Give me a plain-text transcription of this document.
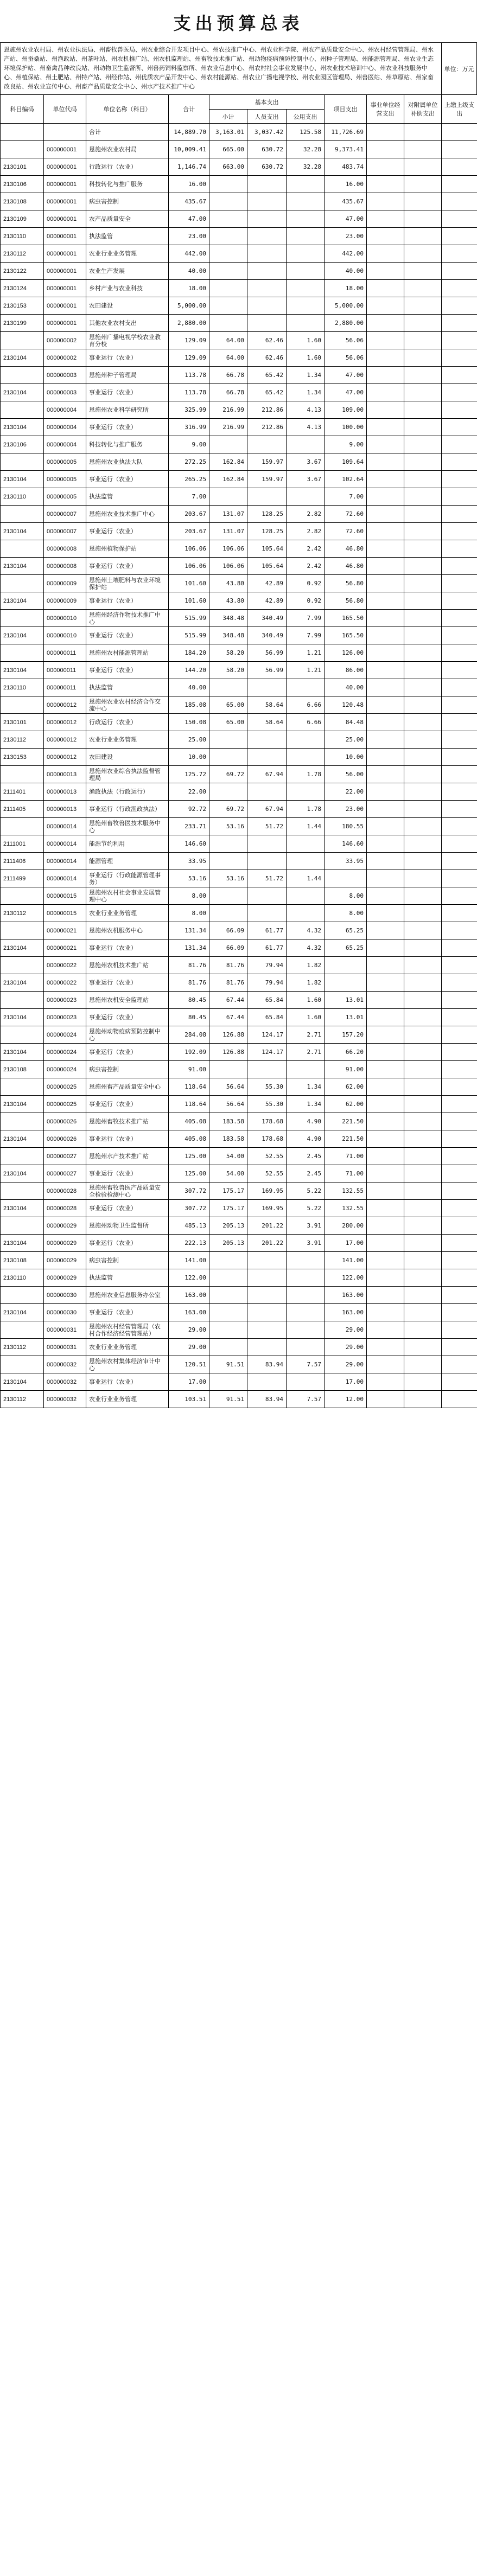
支出预算总表
恩施州农业农村局、州农业执法局、州畜牧兽医局、州农业综合开发项目中心、州农技推广中心、州农业科学院、州农产品质量安全中心、州农村经营管理局、州水产站、州蚕桑站、州渔政站、州茶叶站、州农机推广站、州农机监理站、州畜牧技术推广站、州动物疫病预防控制中心、州种子管理局、州能源管理局、州农业生态环境保护站、州畜禽品种改良站、州动物卫生监督所、州兽药饲料监察所、州农业信息中心、州农村社会事业发展中心、州农业技术培训中心、州农业科技服务中心、州植保站、州土肥站、州特产站、州经作站、州优质农产品开发中心、州农村能源站、州农业广播电视学校、州农业园区管理局、州兽医站、州草原站、州家畜改良站、州农业宣传中心、州畜产品质量安全中心、州水产技术推广中心
单位：万元
科目编码	单位代码	单位名称（科目）	合计	基本支出			项目支出	事业单位经营支出	对附属单位补助支出	上缴上级支出
				小计	人员支出	公用支出				
		合计	14,889.70	3,163.01	3,037.42	125.58	11,726.69			
	000000001	恩施州农业农村局	10,009.41	665.00	630.72	32.28	9,373.41			
2130101	000000001	行政运行（农业）	1,146.74	663.00	630.72	32.28	483.74			
2130106	000000001	科技转化与推广服务	16.00				16.00			
2130108	000000001	病虫害控制	435.67				435.67			
2130109	000000001	农产品质量安全	47.00				47.00			
2130110	000000001	执法监管	23.00				23.00			
2130112	000000001	农业行业业务管理	442.00				442.00			
2130122	000000001	农业生产发展	40.00				40.00			
2130124	000000001	乡村产业与农业科技	18.00				18.00			
2130153	000000001	农田建设	5,000.00				5,000.00			
2130199	000000001	其他农业农村支出	2,880.00				2,880.00			
	000000002	恩施州广播电视学校农业教育分校	129.09	64.00	62.46	1.60	56.06			
2130104	000000002	事业运行（农业）	129.09	64.00	62.46	1.60	56.06			
	000000003	恩施州种子管理局	113.78	66.78	65.42	1.34	47.00			
2130104	000000003	事业运行（农业）	113.78	66.78	65.42	1.34	47.00			
	000000004	恩施州农业科学研究所	325.99	216.99	212.86	4.13	109.00			
2130104	000000004	事业运行（农业）	316.99	216.99	212.86	4.13	100.00			
2130106	000000004	科技转化与推广服务	9.00				9.00			
	000000005	恩施州农业执法大队	272.25	162.84	159.97	3.67	109.64			
2130104	000000005	事业运行（农业）	265.25	162.84	159.97	3.67	102.64			
2130110	000000005	执法监管	7.00				7.00			
	000000007	恩施州农业技术推广中心	203.67	131.07	128.25	2.82	72.60			
2130104	000000007	事业运行（农业）	203.67	131.07	128.25	2.82	72.60			
	000000008	恩施州植物保护站	106.06	106.06	105.64	2.42	46.80			
2130104	000000008	事业运行（农业）	106.06	106.06	105.64	2.42	46.80			
	000000009	恩施州土壤肥料与农业环境保护站	101.60	43.80	42.89	0.92	56.80			
2130104	000000009	事业运行（农业）	101.60	43.80	42.89	0.92	56.80			
	000000010	恩施州经济作物技术推广中心	515.99	348.48	340.49	7.99	165.50			
2130104	000000010	事业运行（农业）	515.99	348.48	340.49	7.99	165.50			
	000000011	恩施州农村能源管理站	184.20	58.20	56.99	1.21	126.00			
2130104	000000011	事业运行（农业）	144.20	58.20	56.99	1.21	86.00			
2130110	000000011	执法监管	40.00				40.00			
	000000012	恩施州农业农村经济合作交流中心	185.08	65.00	58.64	6.66	120.48			
2130101	000000012	行政运行（农业）	150.08	65.00	58.64	6.66	84.48			
2130112	000000012	农业行业业务管理	25.00				25.00			
2130153	000000012	农田建设	10.00				10.00			
	000000013	恩施州农业综合执法监督管理局	125.72	69.72	67.94	1.78	56.00			
2111401	000000013	渔政执法（行政运行）	22.00				22.00			
2111405	000000013	事业运行（行政渔政执法）	92.72	69.72	67.94	1.78	23.00			
	000000014	恩施州畜牧兽医技术服务中心	233.71	53.16	51.72	1.44	180.55			
2111001	000000014	能源节约利用	146.60				146.60			
2111406	000000014	能源管理	33.95				33.95			
2111499	000000014	事业运行（行政能源管理事务）	53.16	53.16	51.72	1.44				
	000000015	恩施州农村社会事业发展管理中心	8.00				8.00			
2130112	000000015	农业行业业务管理	8.00				8.00			
	000000021	恩施州农机服务中心	131.34	66.09	61.77	4.32	65.25			
2130104	000000021	事业运行（农业）	131.34	66.09	61.77	4.32	65.25			
	000000022	恩施州农机技术推广站	81.76	81.76	79.94	1.82				
2130104	000000022	事业运行（农业）	81.76	81.76	79.94	1.82				
	000000023	恩施州农机安全监理站	80.45	67.44	65.84	1.60	13.01			
2130104	000000023	事业运行（农业）	80.45	67.44	65.84	1.60	13.01			
	000000024	恩施州动物疫病预防控制中心	284.08	126.88	124.17	2.71	157.20			
2130104	000000024	事业运行（农业）	192.09	126.88	124.17	2.71	66.20			
2130108	000000024	病虫害控制	91.00				91.00			
	000000025	恩施州畜产品质量安全中心	118.64	56.64	55.30	1.34	62.00			
2130104	000000025	事业运行（农业）	118.64	56.64	55.30	1.34	62.00			
	000000026	恩施州畜牧技术推广站	405.08	183.58	178.68	4.90	221.50			
2130104	000000026	事业运行（农业）	405.08	183.58	178.68	4.90	221.50			
	000000027	恩施州水产技术推广站	125.00	54.00	52.55	2.45	71.00			
2130104	000000027	事业运行（农业）	125.00	54.00	52.55	2.45	71.00			
	000000028	恩施州畜牧兽医产品质量安全检验检测中心	307.72	175.17	169.95	5.22	132.55			
2130104	000000028	事业运行（农业）	307.72	175.17	169.95	5.22	132.55			
	000000029	恩施州动物卫生监督所	485.13	205.13	201.22	3.91	280.00			
2130104	000000029	事业运行（农业）	222.13	205.13	201.22	3.91	17.00			
2130108	000000029	病虫害控制	141.00				141.00			
2130110	000000029	执法监管	122.00				122.00			
	000000030	恩施州农业信息服务办公室	163.00				163.00			
2130104	000000030	事业运行（农业）	163.00				163.00			
	000000031	恩施州农村经营管理局（农村合作经济经营管理站）	29.00				29.00			
2130112	000000031	农业行业业务管理	29.00				29.00			
	000000032	恩施州农村集体经济审计中心	120.51	91.51	83.94	7.57	29.00			
2130104	000000032	事业运行（农业）	17.00				17.00			
2130112	000000032	农业行业业务管理	103.51	91.51	83.94	7.57	12.00			
